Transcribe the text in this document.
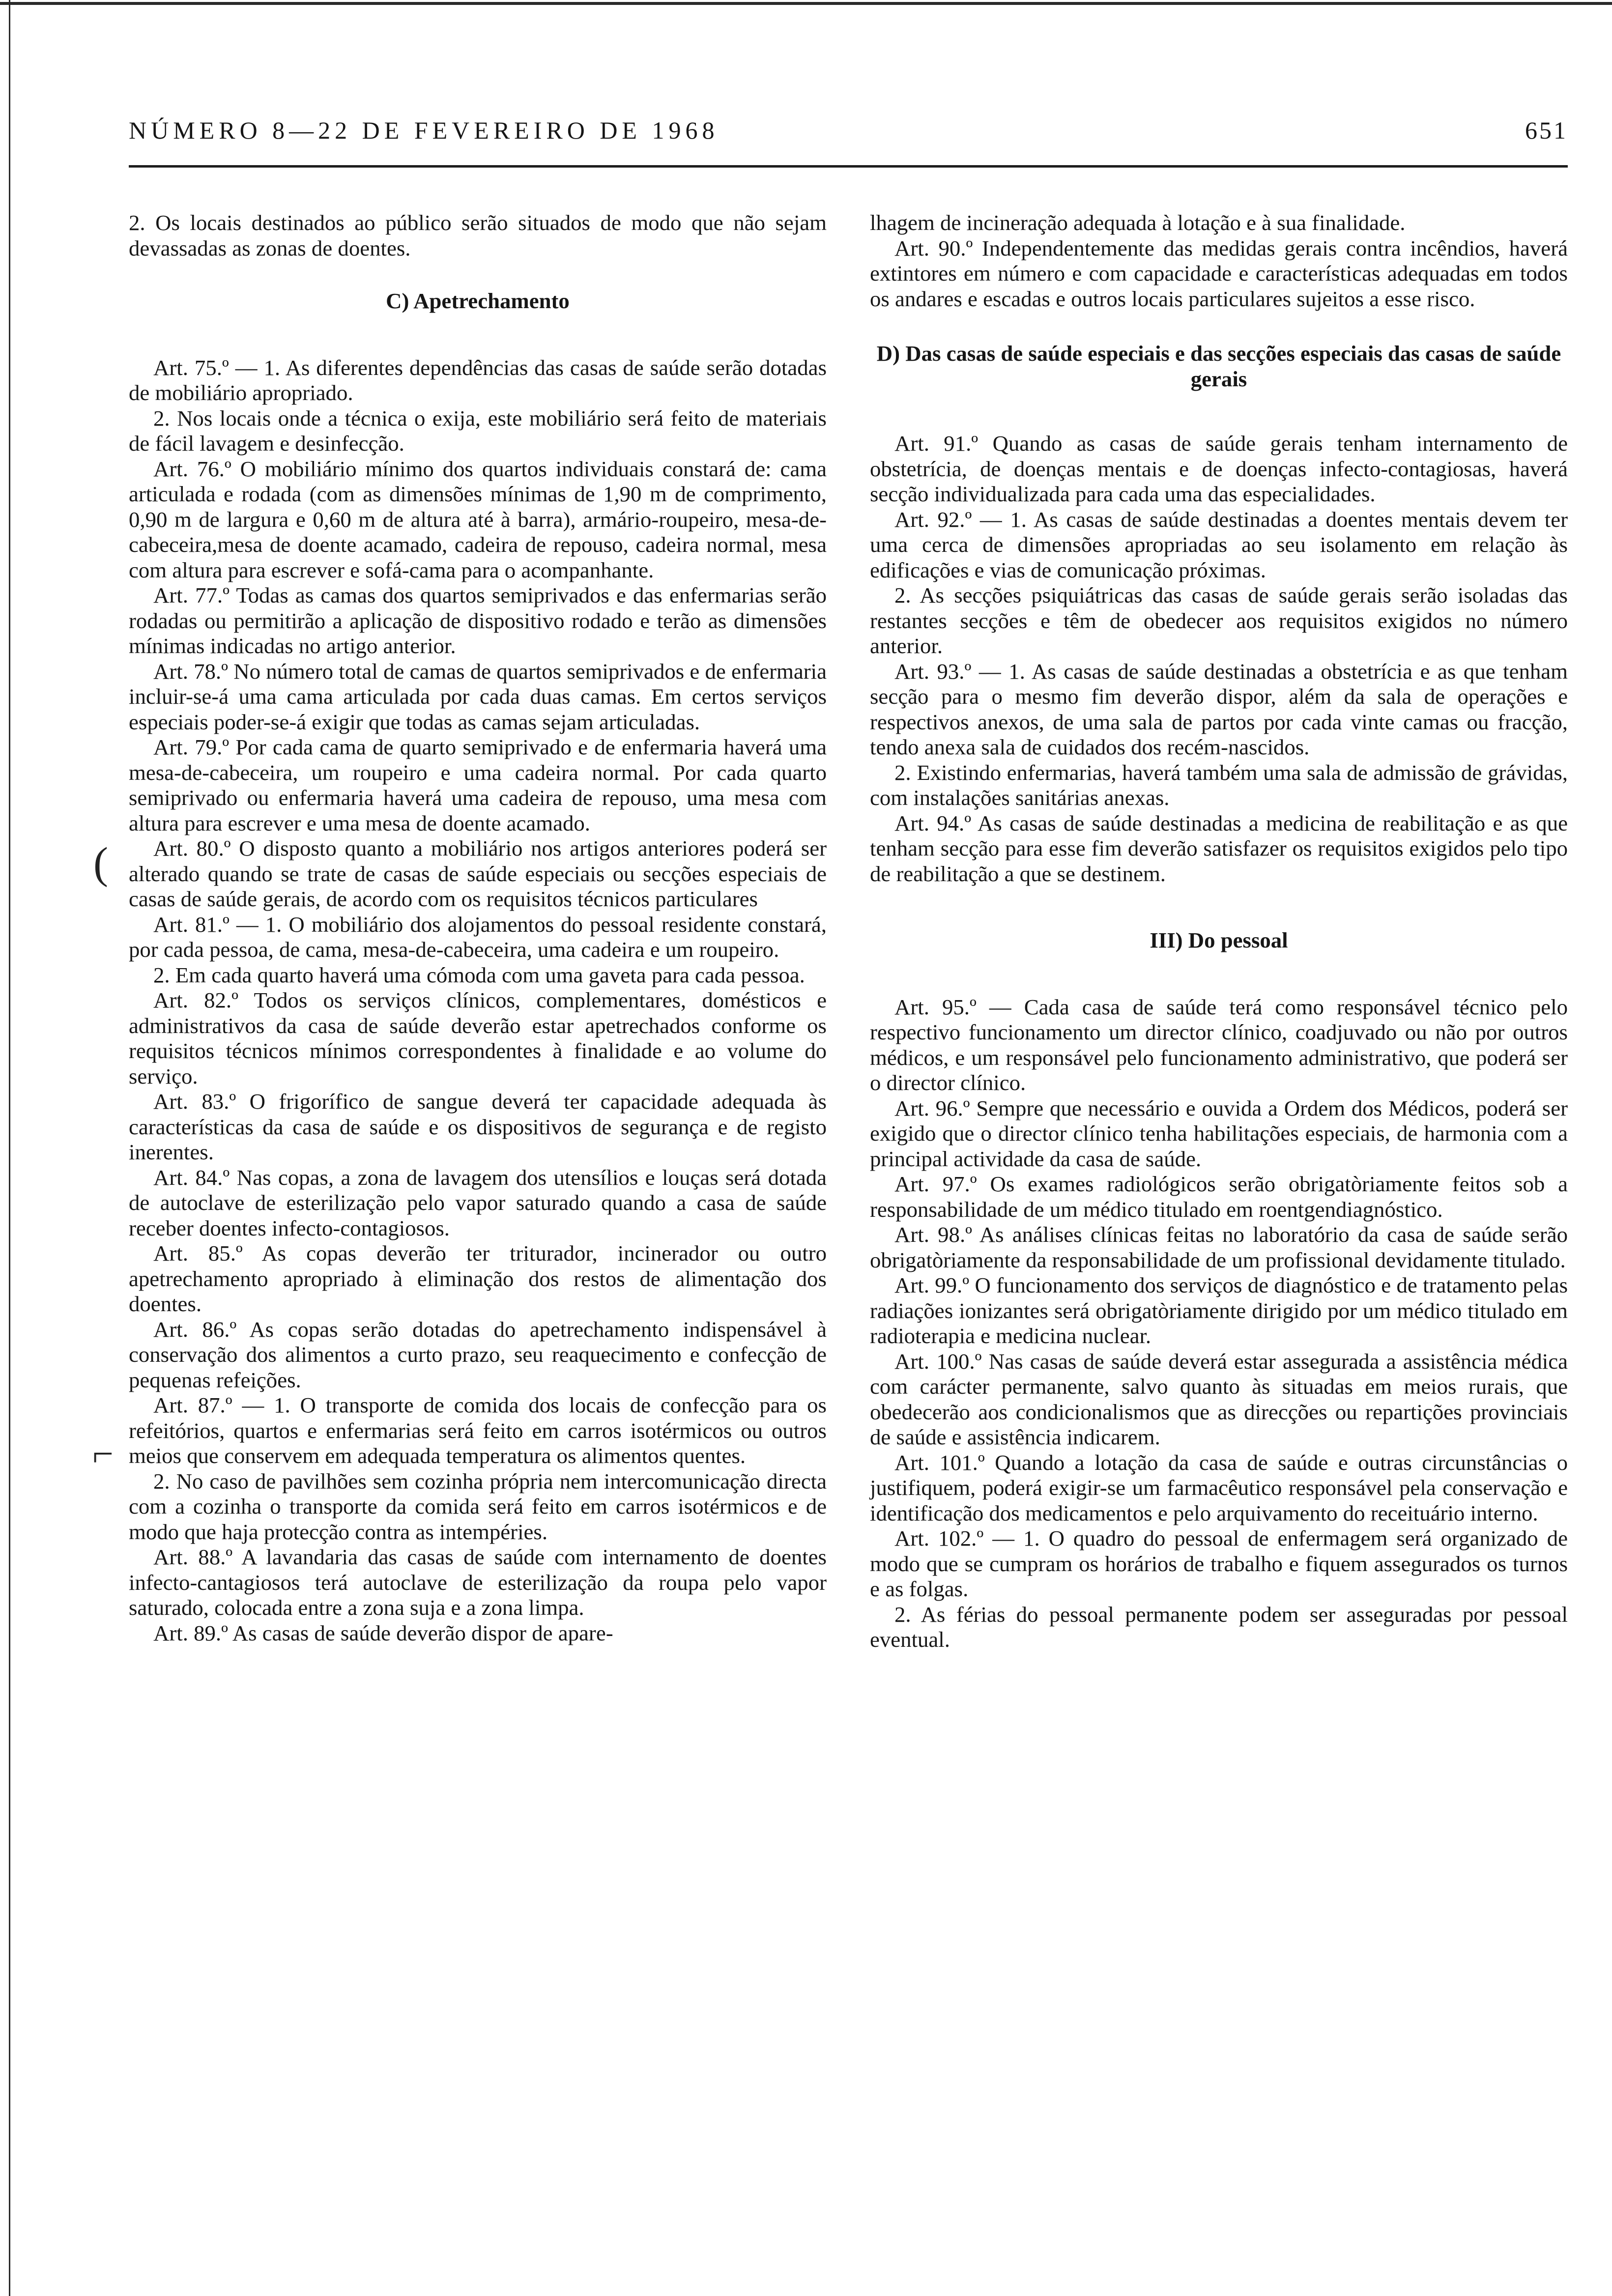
NÚMERO 8—22 DE FEVEREIRO DE 1968	651
(
⌐

2. Os locais destinados ao público serão situados de modo que não sejam devassadas as zonas de doentes.

C) Apetrechamento

Art. 75.º — 1. As diferentes dependências das casas de saúde serão dotadas de mobiliário apropriado.

2. Nos locais onde a técnica o exija, este mobiliário será feito de materiais de fácil lavagem e desinfecção.

Art. 76.º O mobiliário mínimo dos quartos individuais constará de: cama articulada e rodada (com as dimensões mínimas de 1,90 m de comprimento, 0,90 m de largura e 0,60 m de altura até à barra), armário-roupeiro, mesa-de-cabeceira,mesa de doente acamado, cadeira de repouso, cadeira normal, mesa com altura para escrever e sofá-cama para o acompanhante.

Art. 77.º Todas as camas dos quartos semiprivados e das enfermarias serão rodadas ou permitirão a aplicação de dispositivo rodado e terão as dimensões mínimas indicadas no artigo anterior.

Art. 78.º No número total de camas de quartos semiprivados e de enfermaria incluir-se-á uma cama articulada por cada duas camas. Em certos serviços especiais poder-se-á exigir que todas as camas sejam articuladas.

Art. 79.º Por cada cama de quarto semiprivado e de enfermaria haverá uma mesa-de-cabeceira, um roupeiro e uma cadeira normal. Por cada quarto semiprivado ou enfermaria haverá uma cadeira de repouso, uma mesa com altura para escrever e uma mesa de doente acamado.

Art. 80.º O disposto quanto a mobiliário nos artigos anteriores poderá ser alterado quando se trate de casas de saúde especiais ou secções especiais de casas de saúde gerais, de acordo com os requisitos técnicos particulares

Art. 81.º — 1. O mobiliário dos alojamentos do pessoal residente constará, por cada pessoa, de cama, mesa-de-cabeceira, uma cadeira e um roupeiro.

2. Em cada quarto haverá uma cómoda com uma gaveta para cada pessoa.

Art. 82.º Todos os serviços clínicos, complementares, domésticos e administrativos da casa de saúde deverão estar apetrechados conforme os requisitos técnicos mínimos correspondentes à finalidade e ao volume do serviço.

Art. 83.º O frigorífico de sangue deverá ter capacidade adequada às características da casa de saúde e os dispositivos de segurança e de registo inerentes.

Art. 84.º Nas copas, a zona de lavagem dos utensílios e louças será dotada de autoclave de esterilização pelo vapor saturado quando a casa de saúde receber doentes infecto-contagiosos.

Art. 85.º As copas deverão ter triturador, incinerador ou outro apetrechamento apropriado à eliminação dos restos de alimentação dos doentes.

Art. 86.º As copas serão dotadas do apetrechamento indispensável à conservação dos alimentos a curto prazo, seu reaquecimento e confecção de pequenas refeições.

Art. 87.º — 1. O transporte de comida dos locais de confecção para os refeitórios, quartos e enfermarias será feito em carros isotérmicos ou outros meios que conservem em adequada temperatura os alimentos quentes.

2. No caso de pavilhões sem cozinha própria nem intercomunicação directa com a cozinha o transporte da comida será feito em carros isotérmicos e de modo que haja protecção contra as intempéries.

Art. 88.º A lavandaria das casas de saúde com internamento de doentes infecto-cantagiosos terá autoclave de esterilização da roupa pelo vapor saturado, colocada entre a zona suja e a zona limpa.

Art. 89.º As casas de saúde deverão dispor de apare-

lhagem de incineração adequada à lotação e à sua finalidade.

Art. 90.º Independentemente das medidas gerais contra incêndios, haverá extintores em número e com capacidade e características adequadas em todos os andares e escadas e outros locais particulares sujeitos a esse risco.

D) Das casas de saúde especiais e das secções especiais das casas de saúde gerais

Art. 91.º Quando as casas de saúde gerais tenham internamento de obstetrícia, de doenças mentais e de doenças infecto-contagiosas, haverá secção individualizada para cada uma das especialidades.

Art. 92.º — 1. As casas de saúde destinadas a doentes mentais devem ter uma cerca de dimensões apropriadas ao seu isolamento em relação às edificações e vias de comunicação próximas.

2. As secções psiquiátricas das casas de saúde gerais serão isoladas das restantes secções e têm de obedecer aos requisitos exigidos no número anterior.

Art. 93.º — 1. As casas de saúde destinadas a obstetrícia e as que tenham secção para o mesmo fim deverão dispor, além da sala de operações e respectivos anexos, de uma sala de partos por cada vinte camas ou fracção, tendo anexa sala de cuidados dos recém-nascidos.

2. Existindo enfermarias, haverá também uma sala de admissão de grávidas, com instalações sanitárias anexas.

Art. 94.º As casas de saúde destinadas a medicina de reabilitação e as que tenham secção para esse fim deverão satisfazer os requisitos exigidos pelo tipo de reabilitação a que se destinem.

III) Do pessoal

Art. 95.º — Cada casa de saúde terá como responsável técnico pelo respectivo funcionamento um director clínico, coadjuvado ou não por outros médicos, e um responsável pelo funcionamento administrativo, que poderá ser o director clínico.

Art. 96.º Sempre que necessário e ouvida a Ordem dos Médicos, poderá ser exigido que o director clínico tenha habilitações especiais, de harmonia com a principal actividade da casa de saúde.

Art. 97.º Os exames radiológicos serão obrigatòriamente feitos sob a responsabilidade de um médico titulado em roentgendiagnóstico.

Art. 98.º As análises clínicas feitas no laboratório da casa de saúde serão obrigatòriamente da responsabilidade de um profissional devidamente titulado.

Art. 99.º O funcionamento dos serviços de diagnóstico e de tratamento pelas radiações ionizantes será obrigatòriamente dirigido por um médico titulado em radioterapia e medicina nuclear.

Art. 100.º Nas casas de saúde deverá estar assegurada a assistência médica com carácter permanente, salvo quanto às situadas em meios rurais, que obedecerão aos condicionalismos que as direcções ou repartições provinciais de saúde e assistência indicarem.

Art. 101.º Quando a lotação da casa de saúde e outras circunstâncias o justifiquem, poderá exigir-se um farmacêutico responsável pela conservação e identificação dos medicamentos e pelo arquivamento do receituário interno.

Art. 102.º — 1. O quadro do pessoal de enfermagem será organizado de modo que se cumpram os horários de trabalho e fiquem assegurados os turnos e as folgas.

2. As férias do pessoal permanente podem ser asseguradas por pessoal eventual.
